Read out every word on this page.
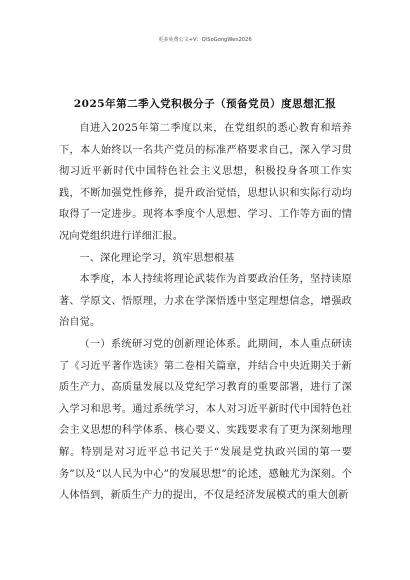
更多免费公文+V：QiSoGongWen2026
2025年第二季入党积极分子（预备党员）度思想汇报

自进入2025年第二季度以来，在党组织的悉心教育和培养下，本人始终以一名共产党员的标准严格要求自己，深入学习贯彻习近平新时代中国特色社会主义思想，积极投身各项工作实践，不断加强党性修养，提升政治觉悟，思想认识和实际行动均取得了一定进步。现将本季度个人思想、学习、工作等方面的情况向党组织进行详细汇报。

一、深化理论学习，筑牢思想根基

本季度，本人持续将理论武装作为首要政治任务，坚持读原著、学原文、悟原理，力求在学深悟透中坚定理想信念，增强政治自觉。

（一）系统研习党的创新理论体系。此期间，本人重点研读了《习近平著作选读》第二卷相关篇章，并结合中央近期关于新质生产力、高质量发展以及党纪学习教育的重要部署，进行了深入学习和思考。通过系统学习，本人对习近平新时代中国特色社会主义思想的科学体系、核心要义、实践要求有了更为深刻地理解。特别是对习近平总书记关于“发展是党执政兴国的第一要务”以及“以人民为中心”的发展思想”的论述，感触尤为深刻。个人体悟到，新质生产力的提出，不仅是经济发展模式的重大创新
